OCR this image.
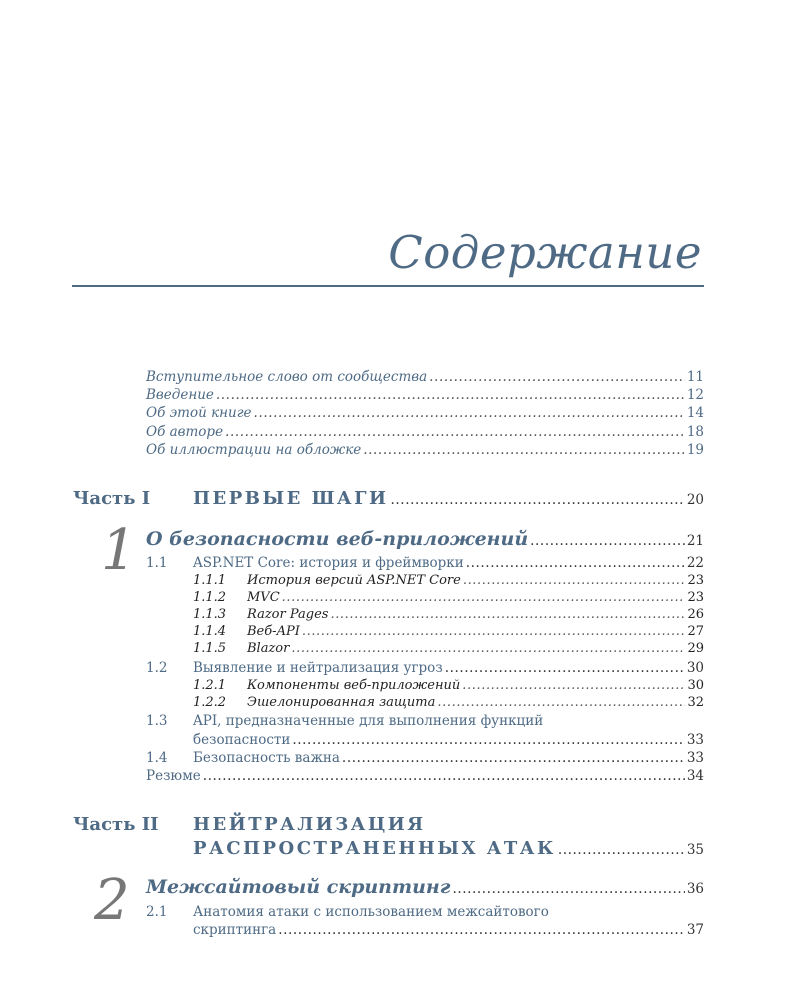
Содержание
Вступительное слово от сообщества .....	11
Введение .....	12
Об этой книге .....	14
Об авторе .....	18
Об иллюстрации на обложке .....	19
Часть I ПЕРВЫЕ ШАГИ .....	20
1 О безопасности веб-приложений .....	21
1.1 ASP.NET Core: история и фреймворки .....	22
1.1.1 История версий ASP.NET Core .....	23
1.1.2 MVC .....	23
1.1.3 Razor Pages .....	26
1.1.4 Веб-API .....	27
1.1.5 Blazor .....	29
1.2 Выявление и нейтрализация угроз .....	30
1.2.1 Компоненты веб-приложений .....	30
1.2.2 Эшелонированная защита .....	32
1.3 API, предназначенные для выполнения функций
безопасности .....	33
1.4 Безопасность важна .....	33
Резюме .....	34
Часть II НЕЙТРАЛИЗАЦИЯ
РАСПРОСТРАНЕННЫХ АТАК .....	35
2 Межсайтовый скриптинг .....	36
2.1 Анатомия атаки с использованием межсайтового
скриптинга .....	37
